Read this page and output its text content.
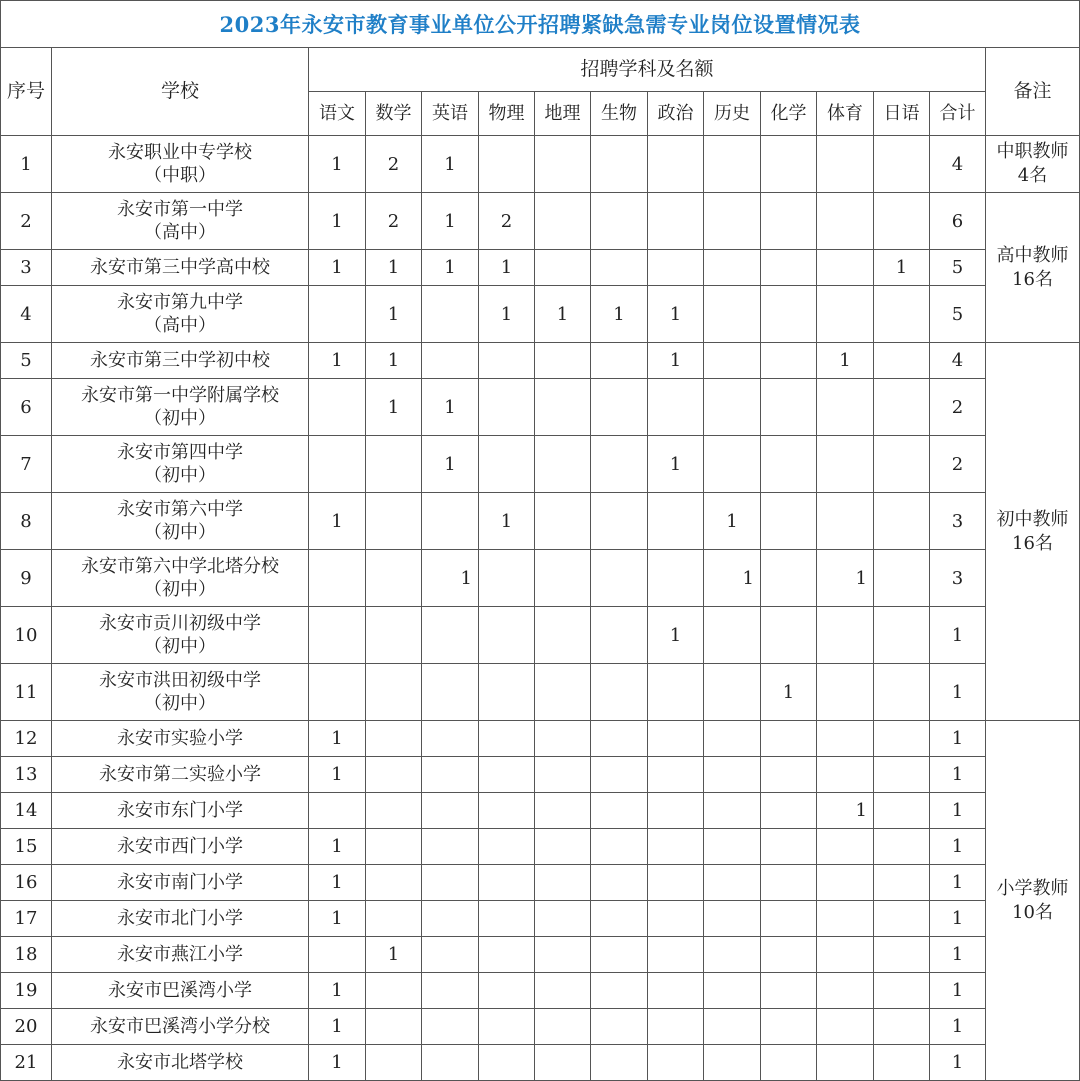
2023年永安市教育事业单位公开招聘紧缺急需专业岗位设置情况表														
序号	学校	招聘学科及名额												备注
		语文	数学	英语	物理	地理	生物	政治	历史	化学	体育	日语	合计	
1	永安职业中专学校
（中职）	1	2	1									4	中职教师
4名

2	永安市第一中学
（高中）	1	2	1	2								6	高中教师
16名

3	永安市第三中学高中校	1	1	1	1							1	5	
4	永安市第九中学
（高中）		1		1	1	1	1					5	
5	永安市第三中学初中校	1	1					1			1		4	初中教师
16名

6	永安市第一中学附属学校
（初中）		1	1									2	
7	永安市第四中学
（初中）			1				1					2	
8	永安市第六中学
（初中）	1			1				1				3	
9	永安市第六中学北塔分校
（初中）			1					1		1		3	
10	永安市贡川初级中学
（初中）							1					1	
11	永安市洪田初级中学
（初中）									1			1	
12	永安市实验小学	1											1	小学教师
10名

13	永安市第二实验小学	1											1	
14	永安市东门小学										1		1	
15	永安市西门小学	1											1	
16	永安市南门小学	1											1	
17	永安市北门小学	1											1	
18	永安市燕江小学		1										1	
19	永安市巴溪湾小学	1											1	
20	永安市巴溪湾小学分校	1											1	
21	永安市北塔学校	1											1	
